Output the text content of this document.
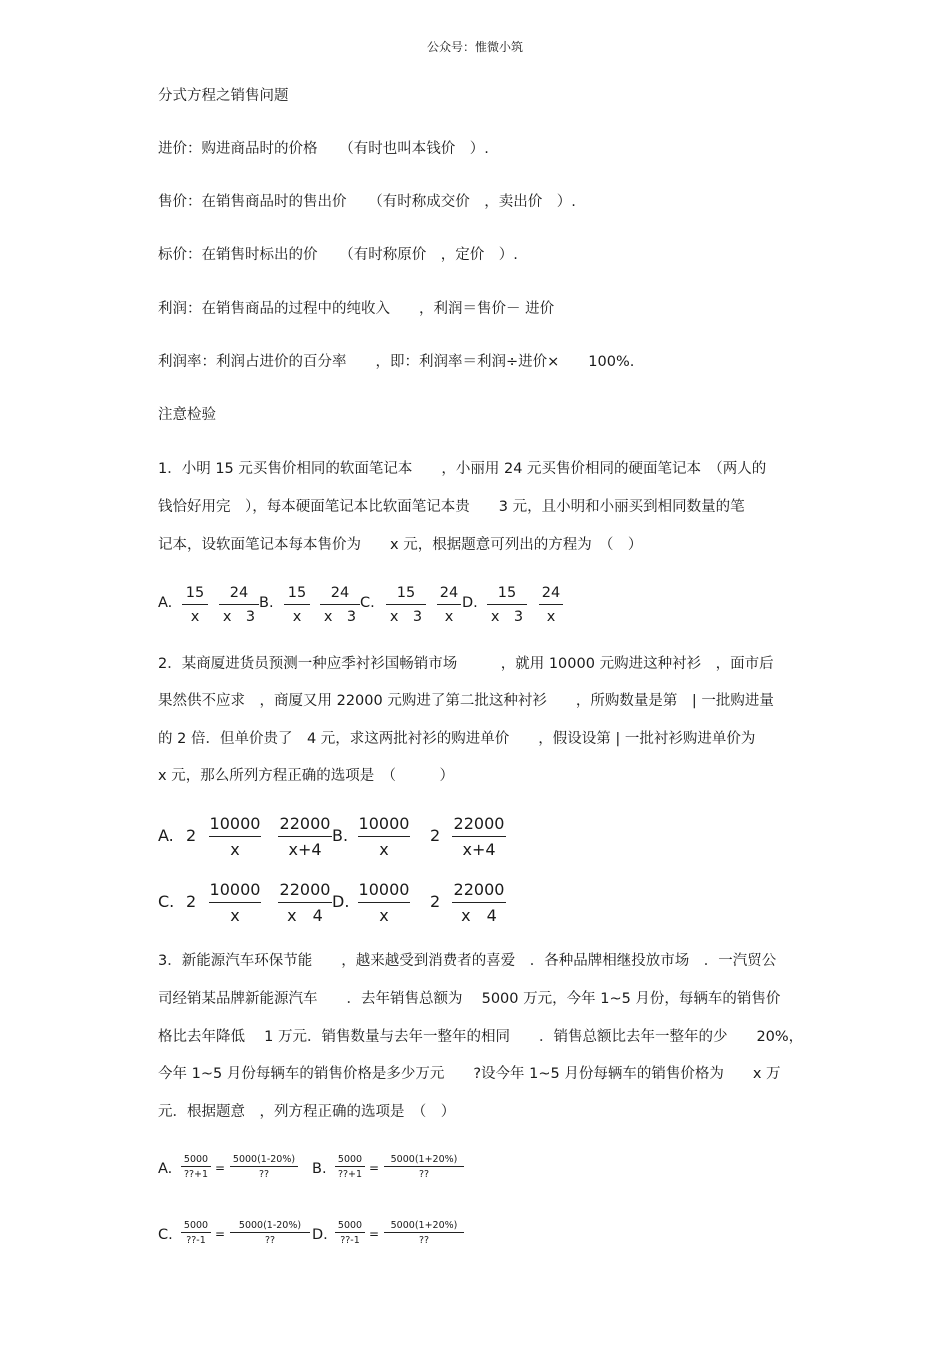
公众号：惟微小筑
分式方程之销售问题
进价：购进商品时的价格　　（有时也叫本钱价　）.
售价：在销售商品时的售出价　　（有时称成交价　，卖出价　）.
标价：在销售时标出的价　　（有时称原价　，定价　）.
利润：在销售商品的过程中的纯收入　　，利润＝售价－ 进价
利润率：利润占进价的百分率　　，即：利润率＝利润÷进价×　　100%.
注意检验
1．小明 15 元买售价相同的软面笔记本　　，小丽用 24 元买售价相同的硬面笔记本　（两人的
钱恰好用完　），每本硬面笔记本比软面笔记本贵　　3 元，且小明和小丽买到相同数量的笔
记本，设软面笔记本每本售价为　　x 元，根据题意可列出的方程为　（　）
A.
15
x
24
x　3
B.
15
x
24
x　3
C.
15
x　3
24
x
D.
15
x　3
24
x
2．某商厦进货员预测一种应季衬衫国畅销市场　　　，就用 10000 元购进这种衬衫　，面市后
果然供不应求　，商厦又用 22000 元购进了第二批这种衬衫　　，所购数量是第　| 一批购进量
的 2 倍．但单价贵了　4 元，求这两批衬衫的购进单价　　，假设设第 | 一批衬衫购进单价为
x 元，那么所列方程正确的选项是　（　　　）
A. 2
10000
x
22000
x+4
B.
10000
x
2
22000
x+4
C. 2
10000
x
22000
x　4
D.
10000
x
2
22000
x　4
3．新能源汽车环保节能　　，越来越受到消费者的喜爱　．各种品牌相继投放市场　．一汽贸公
司经销某品牌新能源汽车　　．去年销售总额为　 5000 万元，今年 1~5 月份，每辆车的销售价
格比去年降低　 1 万元．销售数量与去年一整年的相同　　．销售总额比去年一整年的少　　20%，
今年 1~5 月份每辆车的销售价格是多少万元　　?设今年 1~5 月份每辆车的销售价格为　　x 万
元．根据题意　，列方程正确的选项是　（　）
A.
5000
??+1 =
5000(1-20%)
??	B.
5000
??+1 =
5000(1+20%)
??
C.
5000
??-1 =
5000(1-20%)
??	D.
5000
??-1 =
5000(1+20%)
??
